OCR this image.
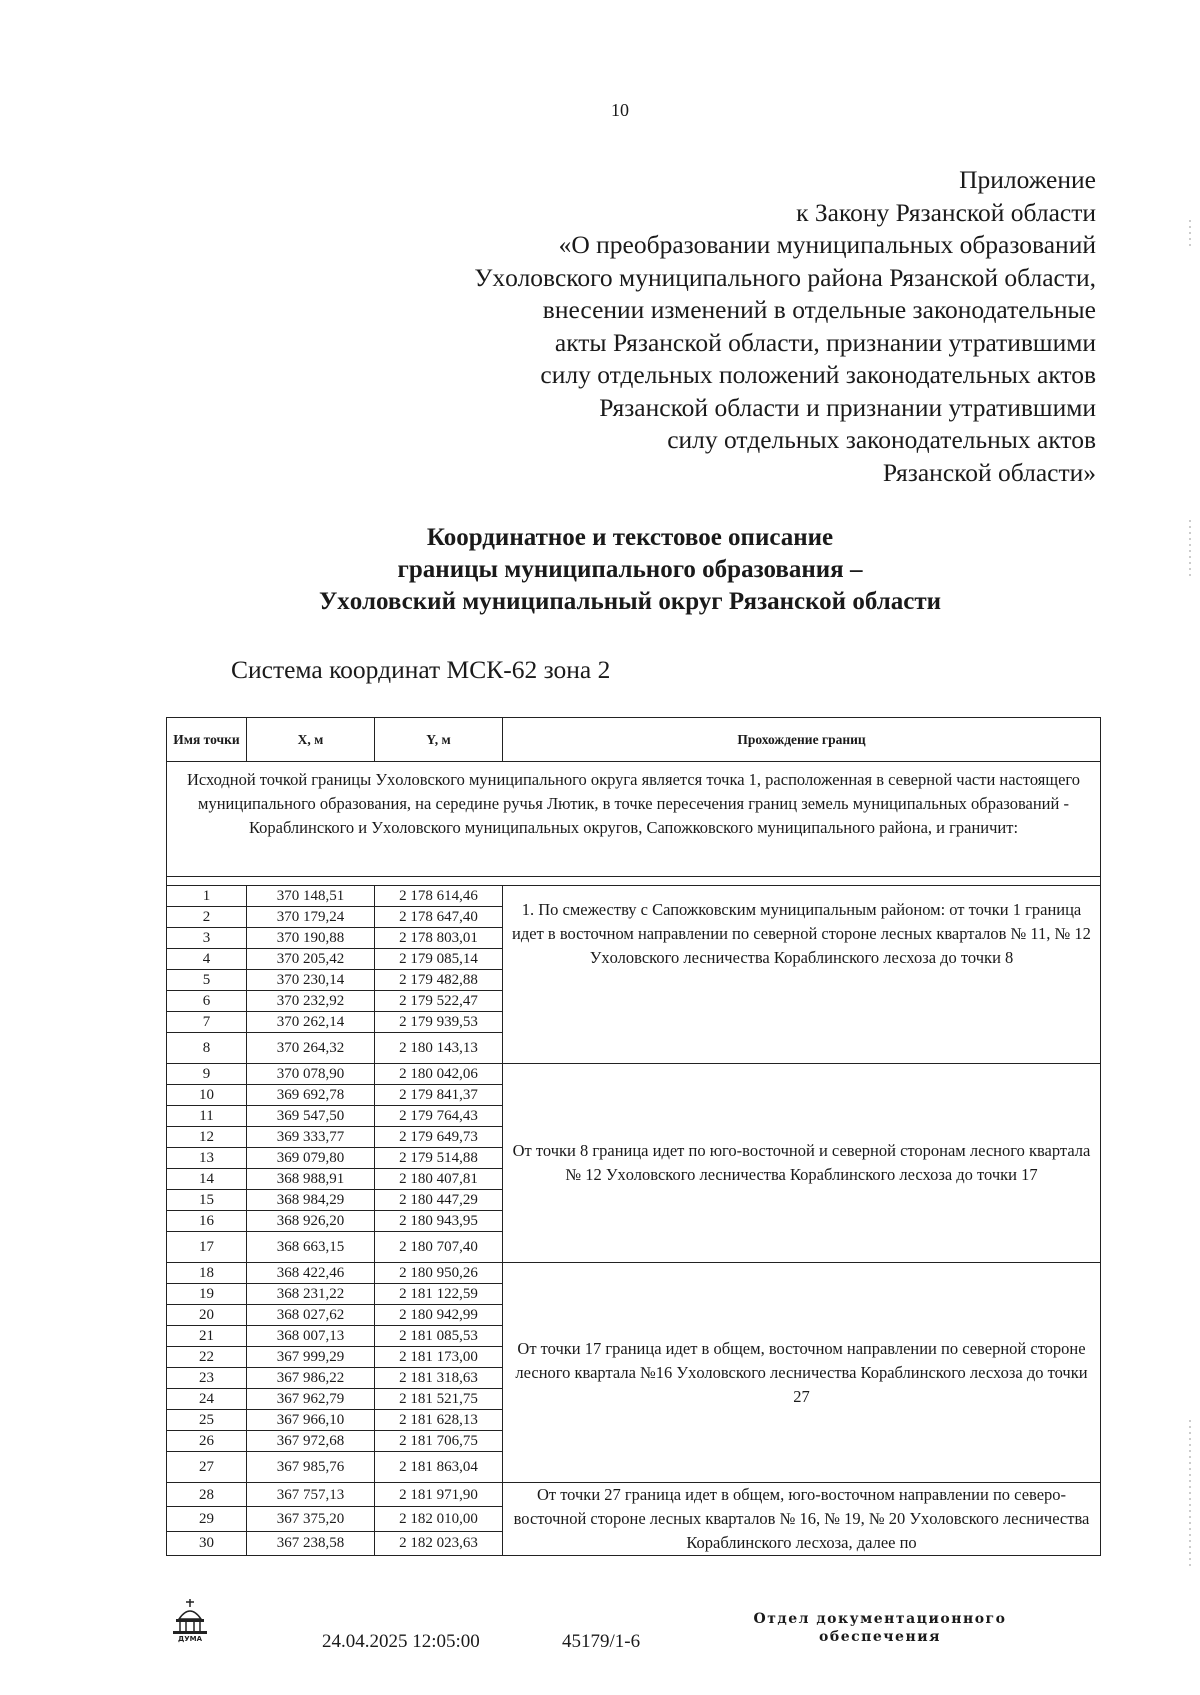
10
Приложение
к Закону Рязанской области
«О преобразовании муниципальных образований
Уxоловского муниципального района Рязанской области,
внесении изменений в отдельные законодательные
акты Рязанской области, признании утратившими
силу отдельных положений законодательных актов
Рязанской области и признании утратившими
силу отдельных законодательных актов
Рязанской области»
Координатное и текстовое описание
границы муниципального образования –
Уxоловский муниципальный округ Рязанской области
Система координат МСК-62 зона 2
Имя точки	X, м	Y, м	Прохождение границ
Исходной точкой границы Уxоловского муниципального округа является точка 1, расположенная в северной части настоящего муниципального образования, на середине ручья Лютик, в точке пересечения границ земель муниципальных образований - Кораблинского и Уxоловского муниципальных округов, Сапожковского муниципального района, и граничит:			

1	370 148,51	2 178 614,46	1. По смежеству с Сапожковским муниципальным районом: от точки 1 граница идет в восточном направлении по северной стороне лесных кварталов № 11, № 12 Уxоловского лесничества Кораблинского лесхоза до точки 8
2	370 179,24	2 178 647,40	
3	370 190,88	2 178 803,01	
4	370 205,42	2 179 085,14	
5	370 230,14	2 179 482,88	
6	370 232,92	2 179 522,47	
7	370 262,14	2 179 939,53	
8	370 264,32	2 180 143,13	
9	370 078,90	2 180 042,06	От точки 8 граница идет по юго-восточной и северной сторонам лесного квартала № 12 Уxоловского лесничества Кораблинского лесхоза до точки 17
10	369 692,78	2 179 841,37	
11	369 547,50	2 179 764,43	
12	369 333,77	2 179 649,73	
13	369 079,80	2 179 514,88	
14	368 988,91	2 180 407,81	
15	368 984,29	2 180 447,29	
16	368 926,20	2 180 943,95	
17	368 663,15	2 180 707,40	
18	368 422,46	2 180 950,26	От точки 17 граница идет в общем, восточном направлении по северной стороне лесного квартала №16 Уxоловского лесничества Кораблинского лесхоза до точки 27
19	368 231,22	2 181 122,59	
20	368 027,62	2 180 942,99	
21	368 007,13	2 181 085,53	
22	367 999,29	2 181 173,00	
23	367 986,22	2 181 318,63	
24	367 962,79	2 181 521,75	
25	367 966,10	2 181 628,13	
26	367 972,68	2 181 706,75	
27	367 985,76	2 181 863,04	
28	367 757,13	2 181 971,90	От точки 27 граница идет в общем, юго-восточном направлении по северо-восточной стороне лесных кварталов № 16, № 19, № 20 Уxоловского лесничества Кораблинского лесхоза, далее по
29	367 375,20	2 182 010,00	
30	367 238,58	2 182 023,63	
ДУМА	24.04.2025 12:05:00	45179/1-6
Отдел документационного обеспечения
